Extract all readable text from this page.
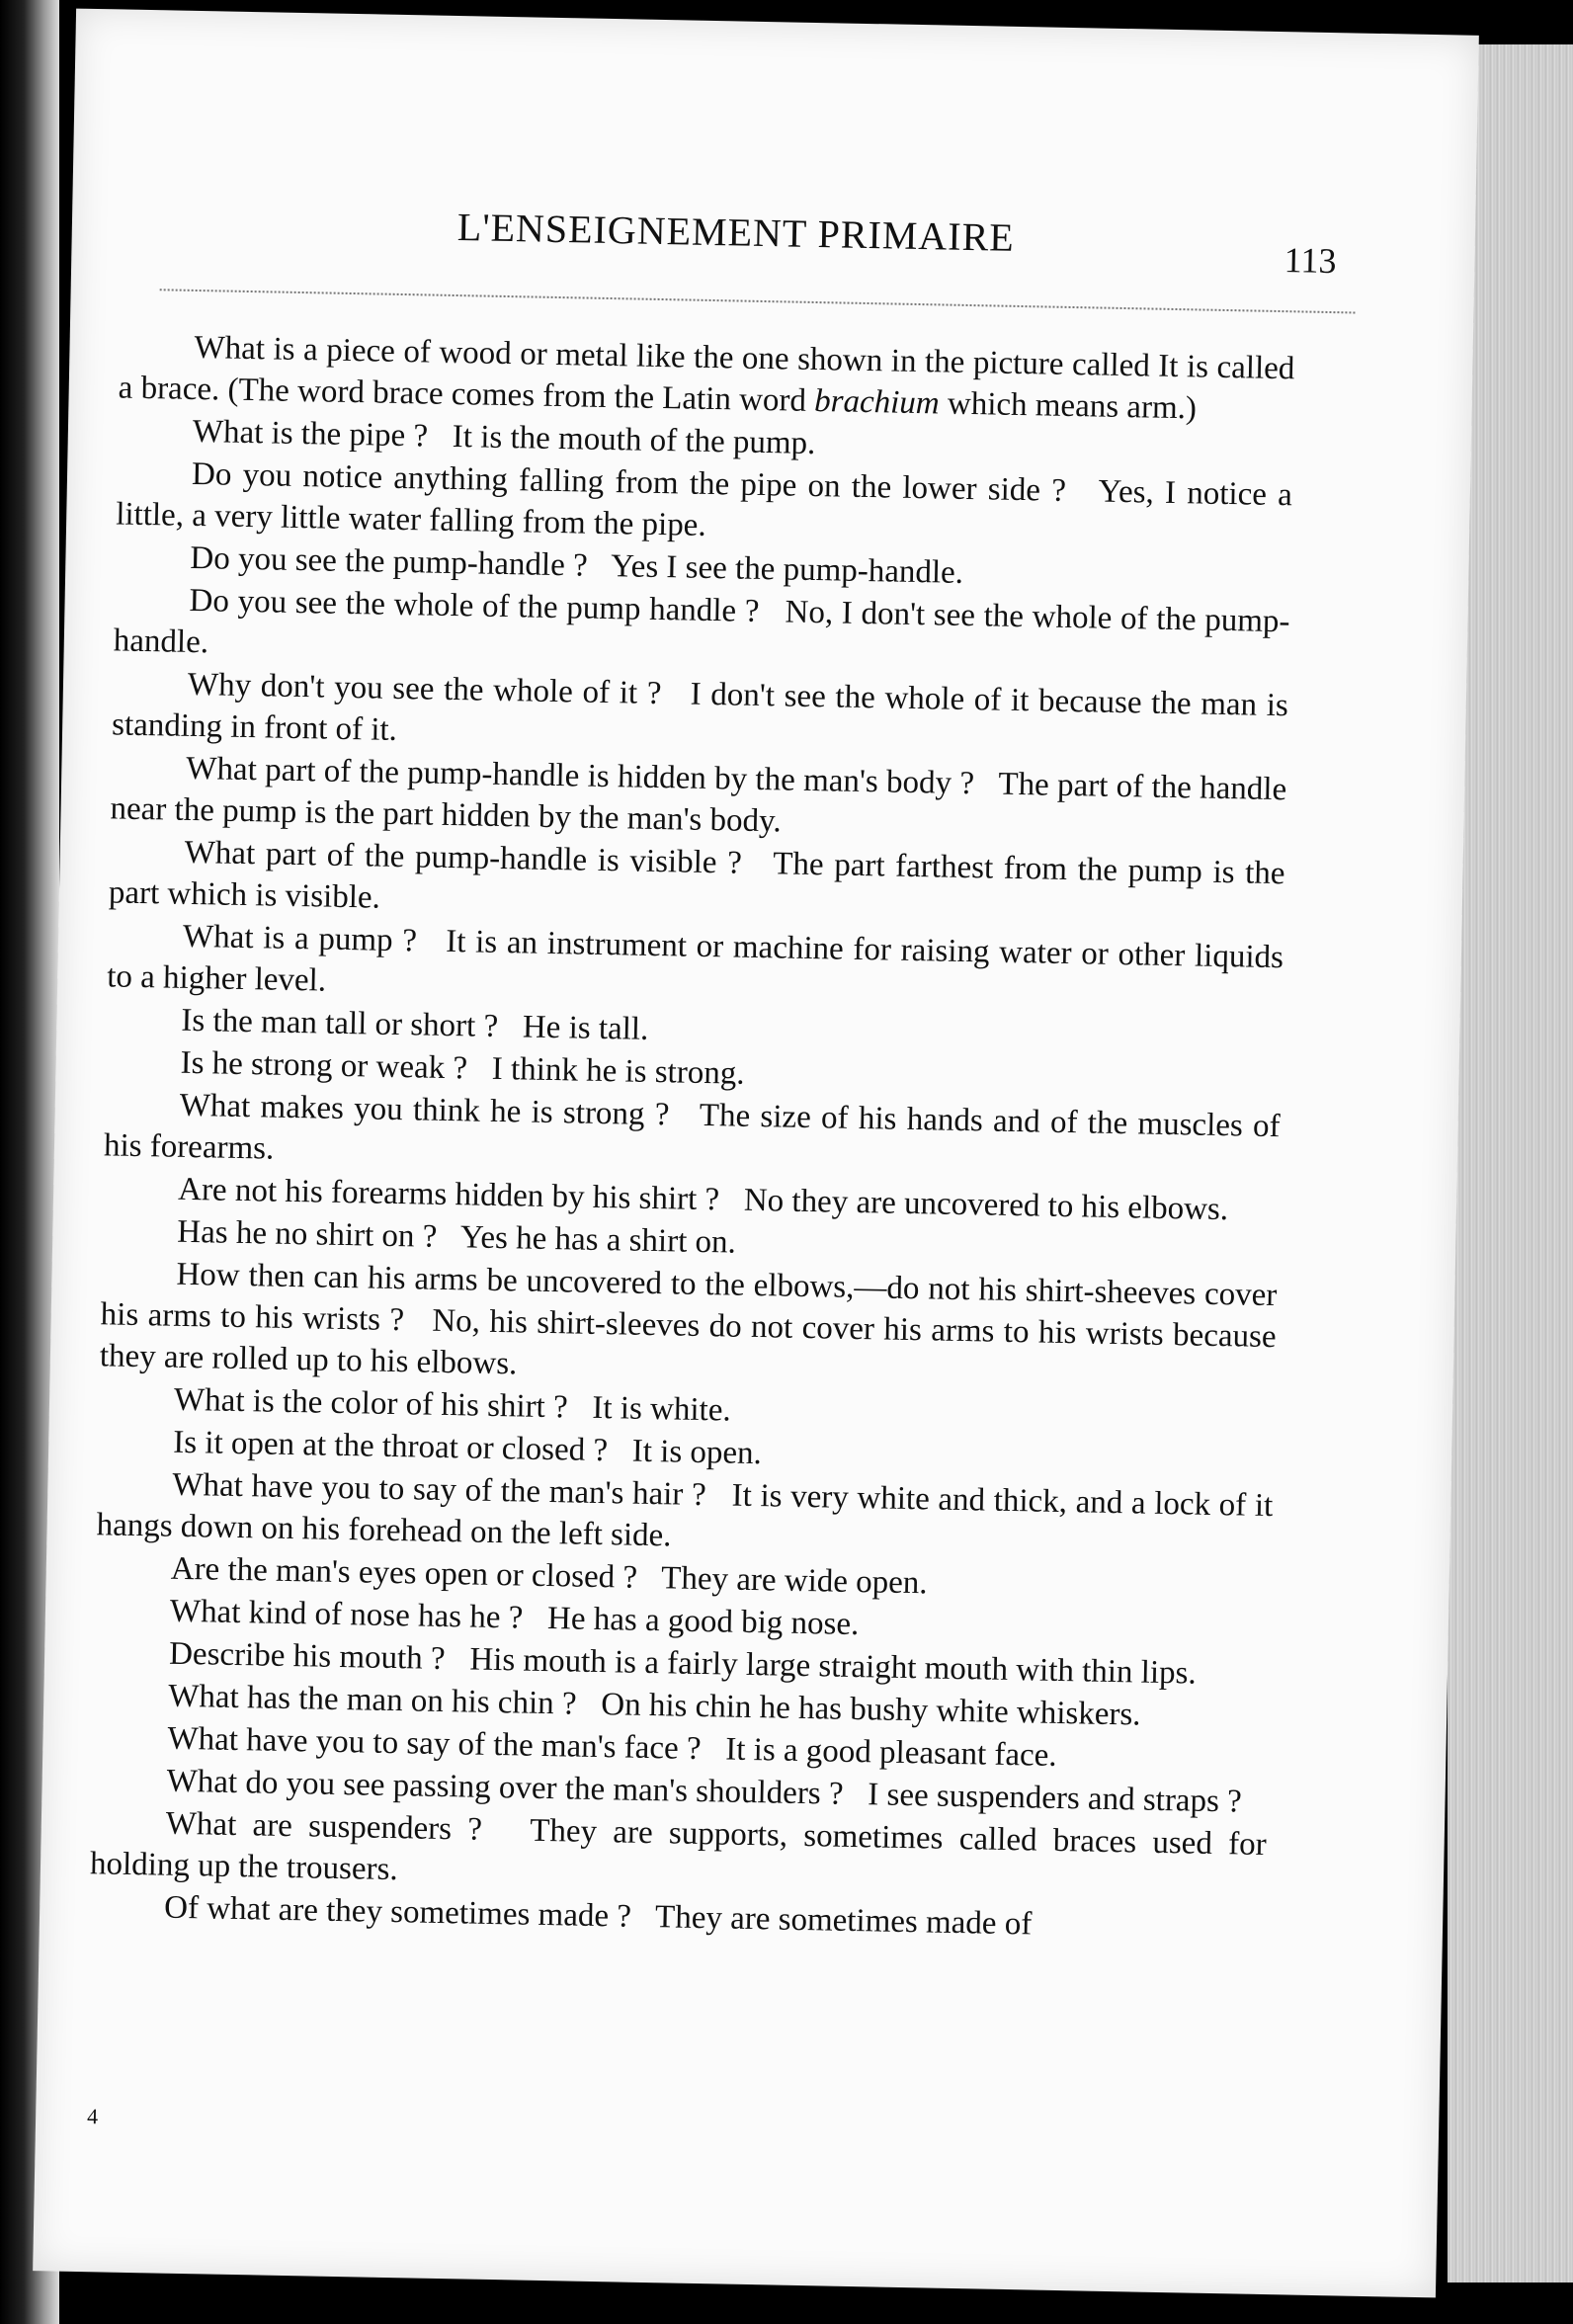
L'ENSEIGNEMENT PRIMAIRE
113

What is a piece of wood or metal like the one shown in the picture called It is called a brace. (The word brace comes from the Latin word brachium which means arm.)

What is the pipe ? It is the mouth of the pump.

Do you notice anything falling from the pipe on the lower side ? Yes, I notice a little, a very little water falling from the pipe.

Do you see the pump-handle ? Yes I see the pump-handle.

Do you see the whole of the pump handle ? No, I don't see the whole of the pump-handle.

Why don't you see the whole of it ? I don't see the whole of it because the man is standing in front of it.

What part of the pump-handle is hidden by the man's body ? The part of the handle near the pump is the part hidden by the man's body.

What part of the pump-handle is visible ? The part farthest from the pump is the part which is visible.

What is a pump ? It is an instrument or machine for raising water or other liquids to a higher level.

Is the man tall or short ? He is tall.

Is he strong or weak ? I think he is strong.

What makes you think he is strong ? The size of his hands and of the muscles of his forearms.

Are not his forearms hidden by his shirt ? No they are uncovered to his elbows.

Has he no shirt on ? Yes he has a shirt on.

How then can his arms be uncovered to the elbows,—do not his shirt-sheeves cover his arms to his wrists ? No, his shirt-sleeves do not cover his arms to his wrists because they are rolled up to his elbows.

What is the color of his shirt ? It is white.

Is it open at the throat or closed ? It is open.

What have you to say of the man's hair ? It is very white and thick, and a lock of it hangs down on his forehead on the left side.

Are the man's eyes open or closed ? They are wide open.

What kind of nose has he ? He has a good big nose.

Describe his mouth ? His mouth is a fairly large straight mouth with thin lips.

What has the man on his chin ? On his chin he has bushy white whiskers.

What have you to say of the man's face ? It is a good pleasant face.

What do you see passing over the man's shoulders ? I see suspenders and straps ?

What are suspenders ? They are supports, sometimes called braces used for holding up the trousers.

Of what are they sometimes made ? They are sometimes made of

4
